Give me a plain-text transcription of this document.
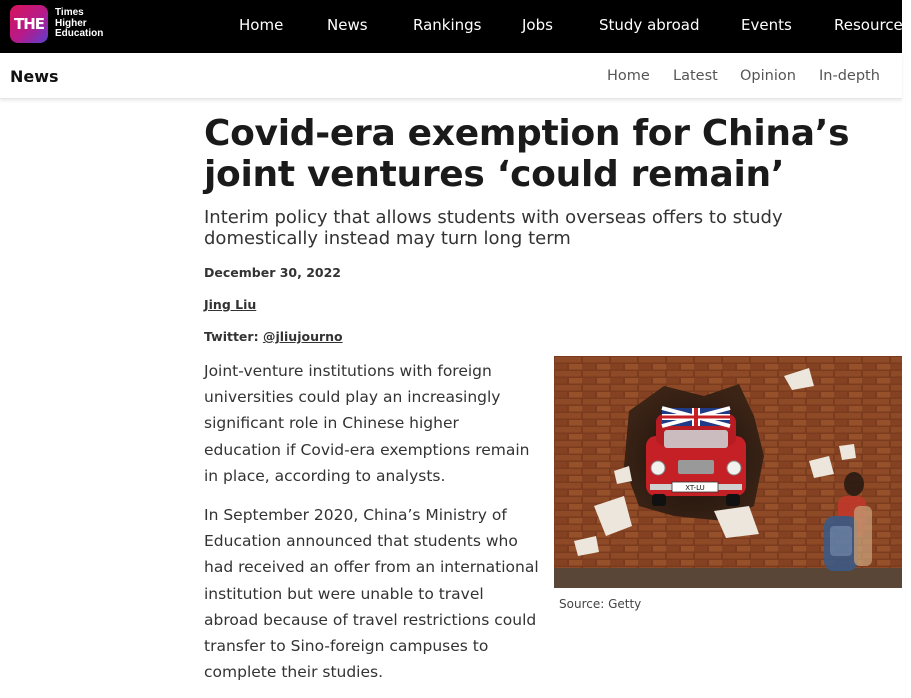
THE
Times
Higher
Education	Home	News	Rankings	Jobs	Study abroad	Events	Resources
News	Home Latest Opinion In-depth
Covid-era exemption for China’s joint ventures ‘could remain’

Interim policy that allows students with overseas offers to study domestically instead may turn long term

December 30, 2022
Jing Liu
Twitter: @jliujourno

Joint-venture institutions with foreign universities could play an increasingly significant role in Chinese higher education if Covid-era exemptions remain in place, according to analysts.

In September 2020, China’s Ministry of Education announced that students who had received an offer from an international institution but were unable to travel abroad because of travel restrictions could transfer to Sino-foreign campuses to complete their studies.

XT-LU
Source: Getty
